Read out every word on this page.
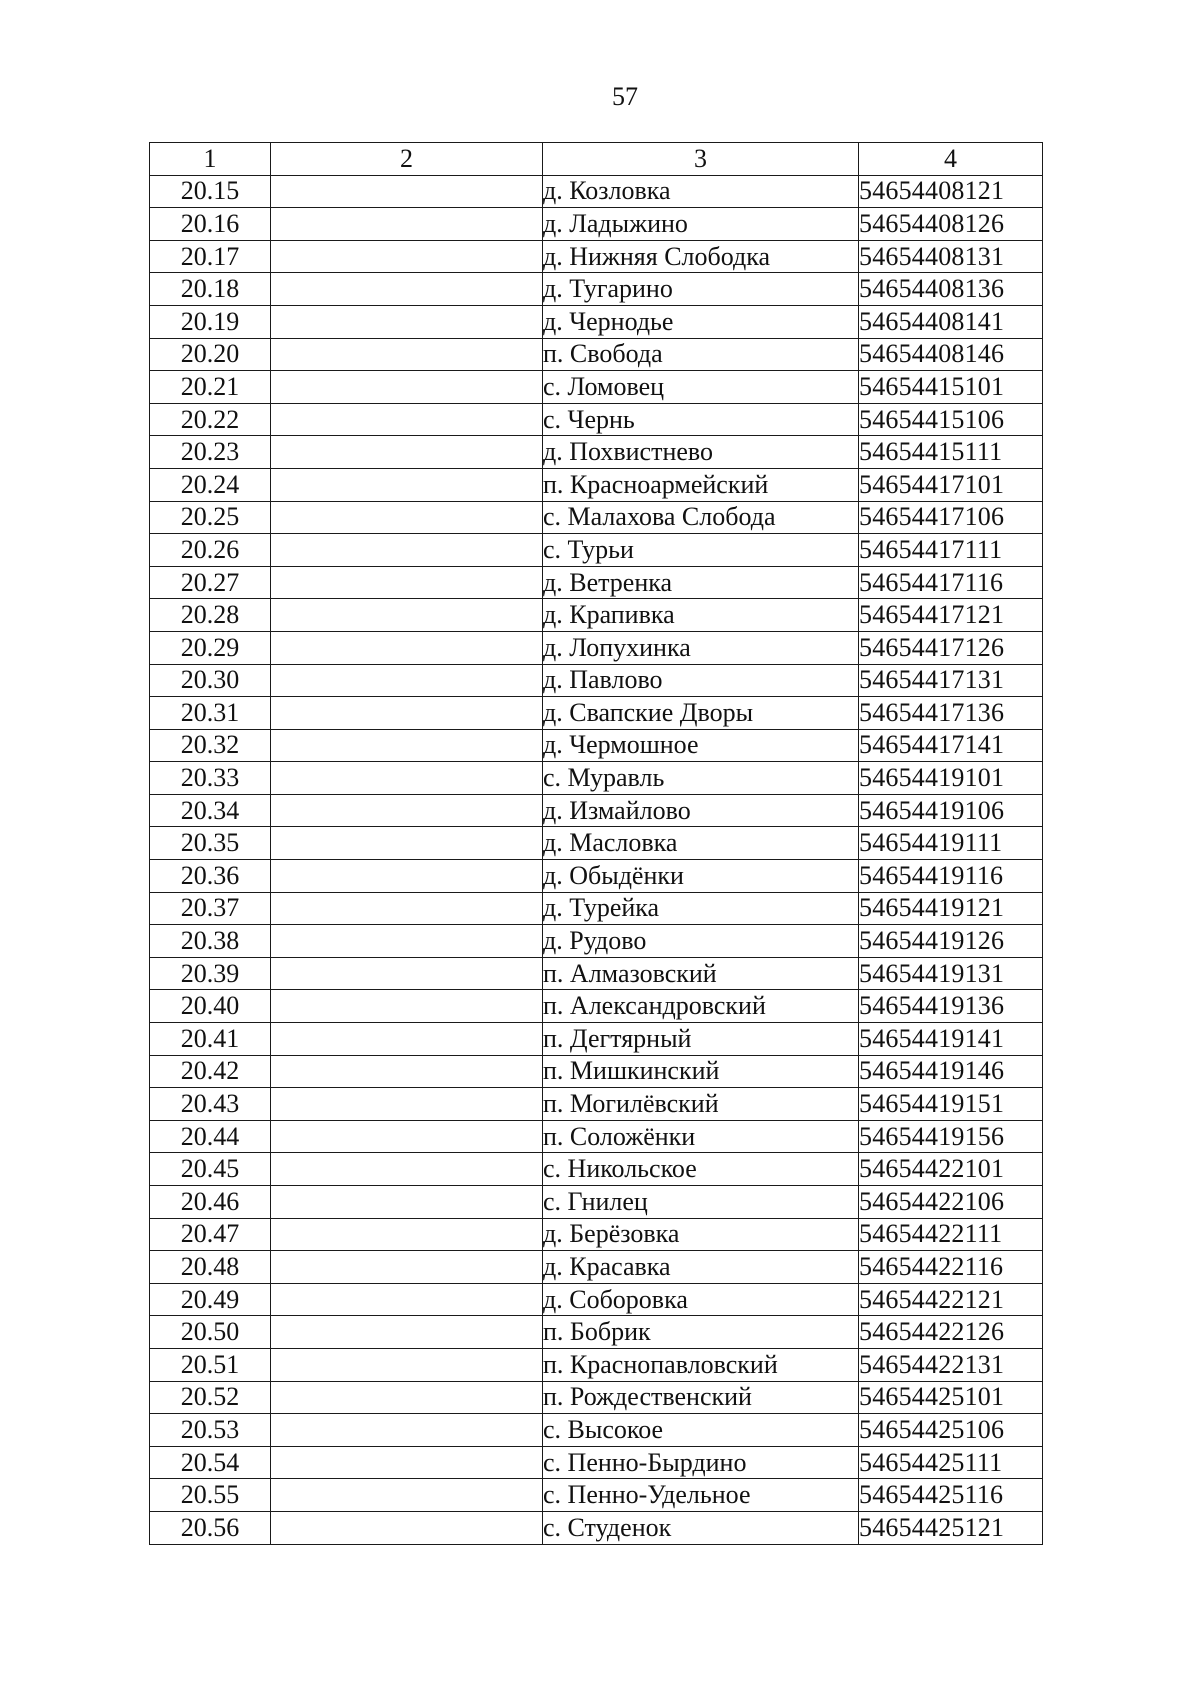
57
1	2	3	4
20.15		д. Козловка	54654408121
20.16		д. Ладыжино	54654408126
20.17		д. Нижняя Слободка	54654408131
20.18		д. Тугарино	54654408136
20.19		д. Чернодье	54654408141
20.20		п. Свобода	54654408146
20.21		с. Ломовец	54654415101
20.22		с. Чернь	54654415106
20.23		д. Похвистнево	54654415111
20.24		п. Красноармейский	54654417101
20.25		с. Малахова Слобода	54654417106
20.26		с. Турьи	54654417111
20.27		д. Ветренка	54654417116
20.28		д. Крапивка	54654417121
20.29		д. Лопухинка	54654417126
20.30		д. Павлово	54654417131
20.31		д. Свапские Дворы	54654417136
20.32		д. Чермошное	54654417141
20.33		с. Муравль	54654419101
20.34		д. Измайлово	54654419106
20.35		д. Масловка	54654419111
20.36		д. Обыдёнки	54654419116
20.37		д. Турейка	54654419121
20.38		д. Рудово	54654419126
20.39		п. Алмазовский	54654419131
20.40		п. Александровский	54654419136
20.41		п. Дегтярный	54654419141
20.42		п. Мишкинский	54654419146
20.43		п. Могилёвский	54654419151
20.44		п. Соложёнки	54654419156
20.45		с. Никольское	54654422101
20.46		с. Гнилец	54654422106
20.47		д. Берёзовка	54654422111
20.48		д. Красавка	54654422116
20.49		д. Соборовка	54654422121
20.50		п. Бобрик	54654422126
20.51		п. Краснопавловский	54654422131
20.52		п. Рождественский	54654425101
20.53		с. Высокое	54654425106
20.54		с. Пенно-Бырдино	54654425111
20.55		с. Пенно-Удельное	54654425116
20.56		с. Студенок	54654425121
